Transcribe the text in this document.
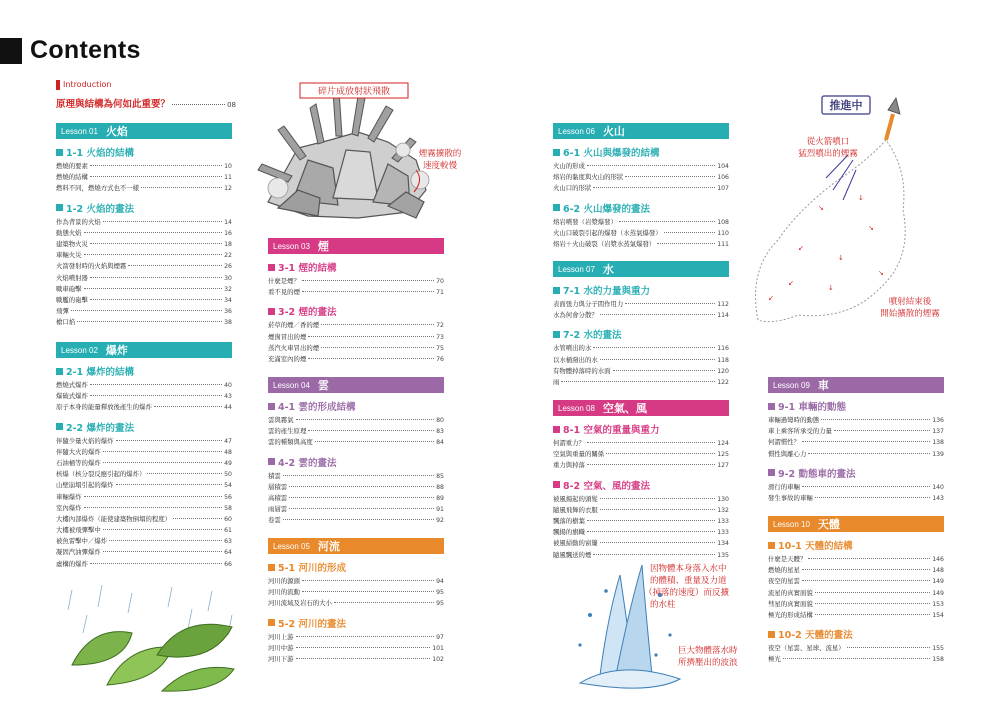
Contents
Introduction
原理與結構為何如此重要？	08
Lesson 01 火焰
1-1 火焰的結構
燃燒的要素	10
燃燒的結構	11
燃料不同，燃燒方式也不一樣	12
1-2 火焰的畫法
作為背景的火焰	14
動態火焰	16
建築物火災	18
車輛火災	22
火箭發射時的火焰與煙霧	26
火焰噴射器	30
戰車砲擊	32
戰艦的砲擊	34
飛彈	36
槍口焰	38
Lesson 02 爆炸
2-1 爆炸的結構
燃燒式爆炸	40
爆破式爆炸	43
原子本身的能量釋放後產生的爆炸	44
2-2 爆炸的畫法
伴隨少量火焰的爆炸	47
伴隨大火的爆炸	48
石油桶等的爆炸	49
核爆（核分裂反應引起的爆炸）	50
山壁崩塌引起的爆炸	54
車輛爆炸	56
室內爆炸	58
大樓內部爆炸（能使建築物倒塌的程度）	60
大樓被飛彈擊中	61
被魚雷擊中／爆炸	63
凝固汽油彈爆炸	64
虛構的爆炸	66
Lesson 03 煙
3-1 煙的結構
什麼是煙？	70
看不見的煙	71
3-2 煙的畫法
菸草的煙／香的煙	72
煙囪冒出的煙	73
蒸汽火車冒出的煙	75
充滿室內的煙	76
Lesson 04 雲
4-1 雲的形成結構
雲與霧氣	80
雲的產生原理	83
雲的種類與高度	84
4-2 雲的畫法
積雲	85
層積雲	88
高積雲	89
雨層雲	91
卷雲	92
Lesson 05 河流
5-1 河川的形成
河川的源頭	94
河川的流動	95
河川流域及岩石的大小	95
5-2 河川的畫法
河川上游	97
河川中游	101
河川下游	102
Lesson 06 火山
6-1 火山與爆發的結構
火山的形成	104
熔岩的黏度與火山的形狀	106
火山口的形狀	107
6-2 火山爆發的畫法
熔岩噴發（岩漿爆發）	108
火山口破裂引起的爆發（水蒸氣爆發）	110
熔岩＋火山破裂（岩漿水蒸氣爆發）	111
Lesson 07 水
7-1 水的力量與重力
表面張力與分子間作用力	112
水為何會分散？	114
7-2 水的畫法
水管噴出的水	116
以水桶潑出的水	118
有物體掉落時的水面	120
雨	122
Lesson 08 空氣、風
8-1 空氣的重量與重力
何謂重力？	124
空氣與重量的關係	125
重力與掉落	127
8-2 空氣、風的畫法
被風揚起的頭髮	130
隨風飛舞的衣服	132
飄落的樹葉	133
飄揚的旗幟	133
被風掃動的窗簾	134
隨風飄送的煙	135
Lesson 09 車
9-1 車輛的動態
車輛過彎時的動態	136
車上乘客所承受的力量	137
何謂慣性？	138
慣性與離心力	139
9-2 動態車的畫法
滑行的車輛	140
發生事故的車輛	143
Lesson 10 天體
10-1 天體的結構
什麼是天體？	146
燃燒的星星	148
夜空的星雲	149
流星的真實面貌	149
彗星的真實面貌	153
極光的形成結構	154
10-2 天體的畫法
夜空（星雲、星球、流星）	155
極光	158
碎片成放射狀飛散
煙霧擴散的
速度較慢
推進中
↘
↙
↓
↘
↓
↙
↘
↓
↙
從火箭噴口
猛烈噴出的煙霧
噴射結束後
開始擴散的煙霧
因物體本身落入水中
的體積、重量及力道
（掉落的速度）而反擴
的水柱
巨大物體落水時
所擠壓出的波浪
